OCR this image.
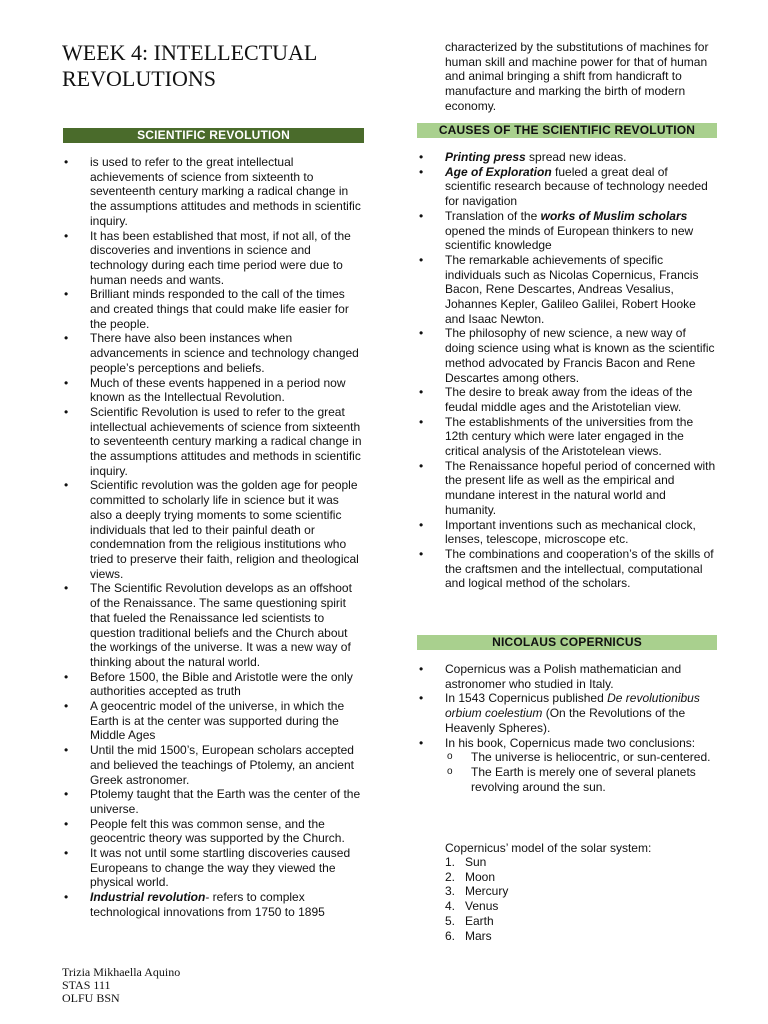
WEEK 4: INTELLECTUAL REVOLUTIONS
SCIENTIFIC REVOLUTION
• is used to refer to the great intellectual achievements of science from sixteenth to seventeenth century marking a radical change in the assumptions attitudes and methods in scientific inquiry.
• It has been established that most, if not all, of the discoveries and inventions in science and technology during each time period were due to human needs and wants.
• Brilliant minds responded to the call of the times and created things that could make life easier for the people.
• There have also been instances when advancements in science and technology changed people’s perceptions and beliefs.
• Much of these events happened in a period now known as the Intellectual Revolution.
• Scientific Revolution is used to refer to the great intellectual achievements of science from sixteenth to seventeenth century marking a radical change in the assumptions attitudes and methods in scientific inquiry.
• Scientific revolution was the golden age for people committed to scholarly life in science but it was also a deeply trying moments to some scientific individuals that led to their painful death or condemnation from the religious institutions who tried to preserve their faith, religion and theological views.
• The Scientific Revolution develops as an offshoot of the Renaissance. The same questioning spirit that fueled the Renaissance led scientists to question traditional beliefs and the Church about the workings of the universe. It was a new way of thinking about the natural world.
• Before 1500, the Bible and Aristotle were the only authorities accepted as truth
• A geocentric model of the universe, in which the Earth is at the center was supported during the Middle Ages
• Until the mid 1500’s, European scholars accepted and believed the teachings of Ptolemy, an ancient Greek astronomer.
• Ptolemy taught that the Earth was the center of the universe.
• People felt this was common sense, and the geocentric theory was supported by the Church.
• It was not until some startling discoveries caused Europeans to change the way they viewed the physical world.
• Industrial revolution- refers to complex technological innovations from 1750 to 1895
characterized by the substitutions of machines for human skill and machine power for that of human and animal bringing a shift from handicraft to manufacture and marking the birth of modern economy.
CAUSES OF THE SCIENTIFIC REVOLUTION
• Printing press spread new ideas.
• Age of Exploration fueled a great deal of scientific research because of technology needed for navigation
• Translation of the works of Muslim scholars opened the minds of European thinkers to new scientific knowledge
• The remarkable achievements of specific individuals such as Nicolas Copernicus, Francis Bacon, Rene Descartes, Andreas Vesalius, Johannes Kepler, Galileo Galilei, Robert Hooke and Isaac Newton.
• The philosophy of new science, a new way of doing science using what is known as the scientific method advocated by Francis Bacon and Rene Descartes among others.
• The desire to break away from the ideas of the feudal middle ages and the Aristotelian view.
• The establishments of the universities from the 12th century which were later engaged in the critical analysis of the Aristotelean views.
• The Renaissance hopeful period of concerned with the present life as well as the empirical and mundane interest in the natural world and humanity.
• Important inventions such as mechanical clock, lenses, telescope, microscope etc.
• The combinations and cooperation’s of the skills of the craftsmen and the intellectual, computational and logical method of the scholars.
NICOLAUS COPERNICUS
• Copernicus was a Polish mathematician and astronomer who studied in Italy.
• In 1543 Copernicus published De revolutionibus orbium coelestium (On the Revolutions of the Heavenly Spheres).
• In his book, Copernicus made two conclusions:
o The universe is heliocentric, or sun-centered.
o The Earth is merely one of several planets revolving around the sun.
Copernicus’ model of the solar system:
1. Sun
2. Moon
3. Mercury
4. Venus
5. Earth
6. Mars
Trizia Mikhaella Aquino
STAS 111
OLFU BSN
